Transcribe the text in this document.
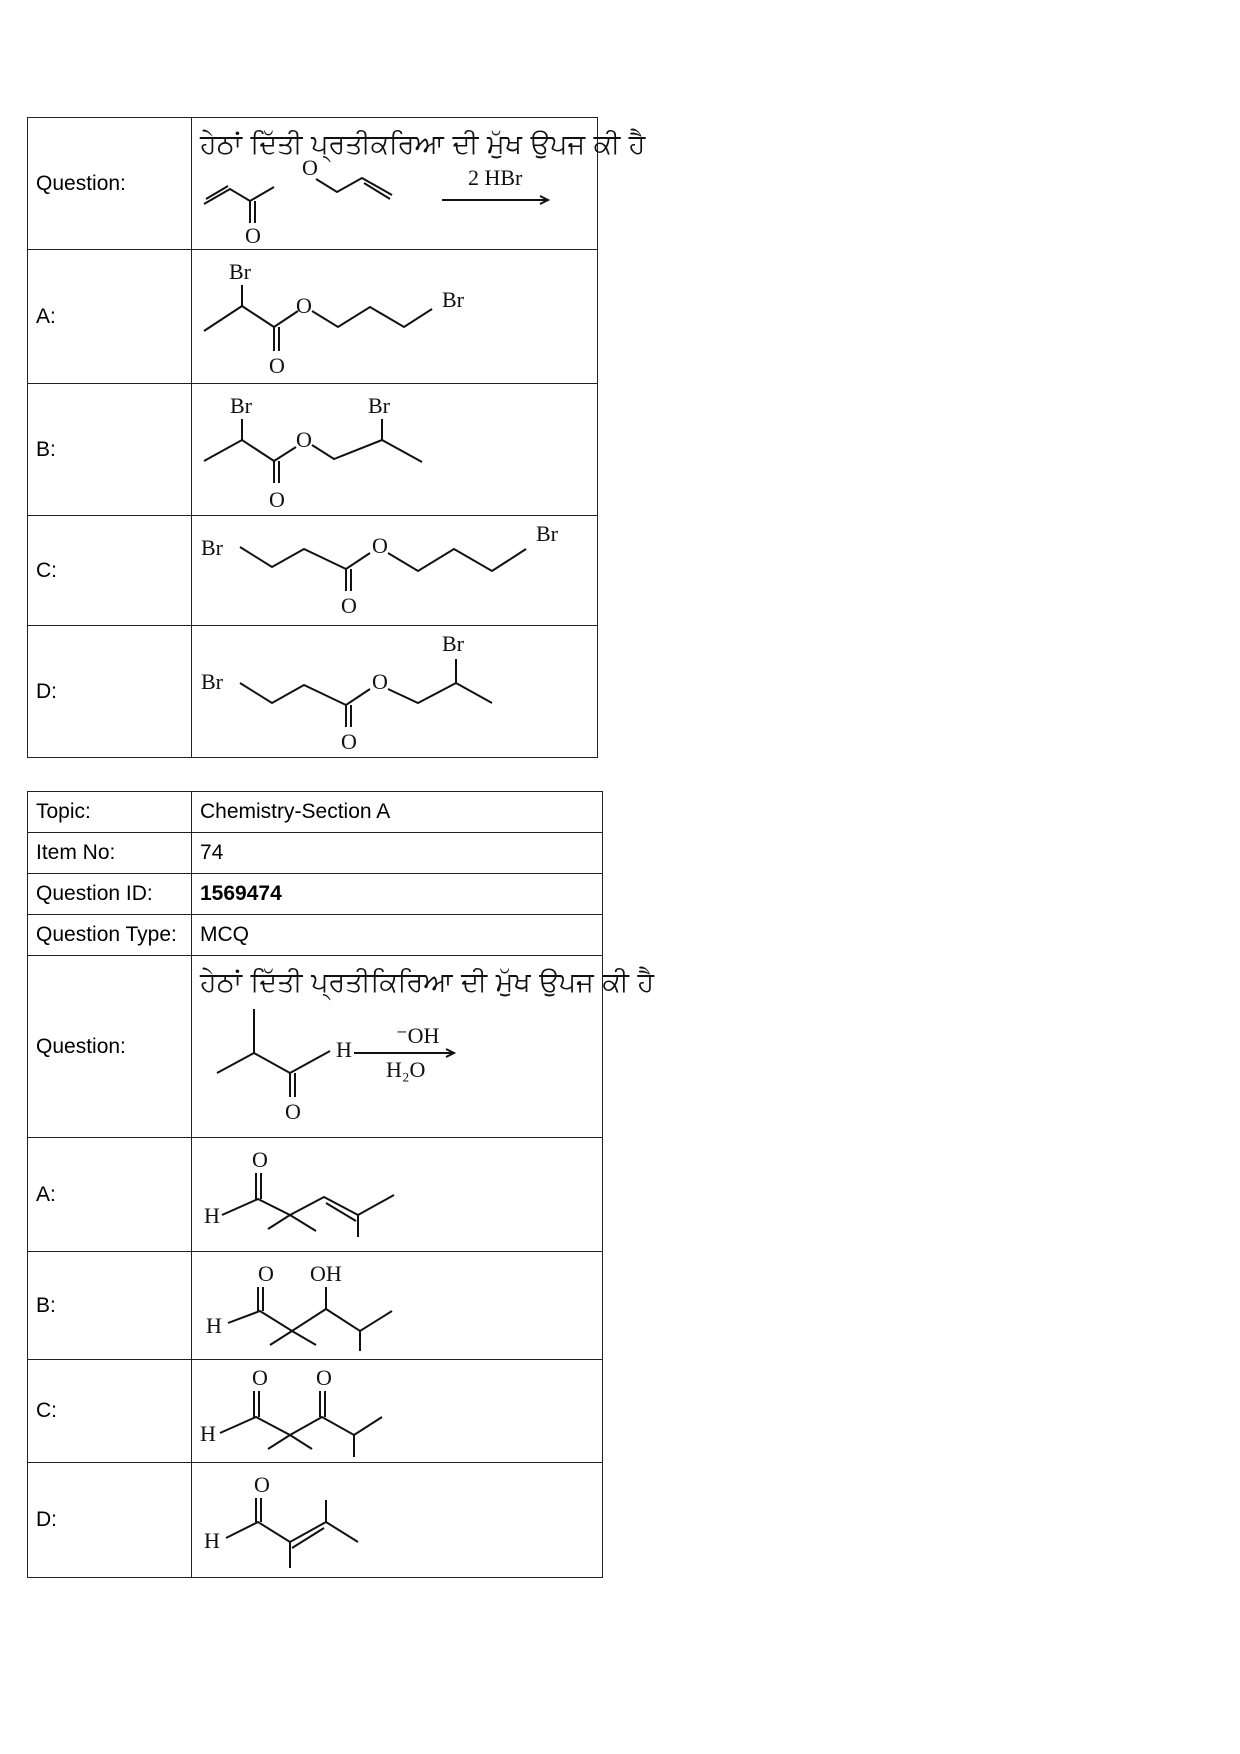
Question:	ਹੇਠਾਂ ਦਿੱਤੀ ਪ੍ਰਤੀਕਰਿਆ ਦੀ ਮੁੱਖ ਉਪਜ ਕੀ ਹੈ
O
O 2 HBr

A:	Br
O
O Br

B:	Br
O
O
Br

C:	Br
O
O Br

D:	Br
O
O
Br
Topic:	Chemistry-Section A
Item No:	74
Question ID:	1569474
Question Type:	MCQ
Question:	ਹੇਠਾਂ ਦਿੱਤੀ ਪ੍ਰਤੀਕਿਰਿਆ ਦੀ ਮੁੱਖ ਉਪਜ ਕੀ ਹੈ
O
H
⁻OH
H₂O

A:	O
H

B:	O
H
OH

C:	O
H
O

D:	O
H
